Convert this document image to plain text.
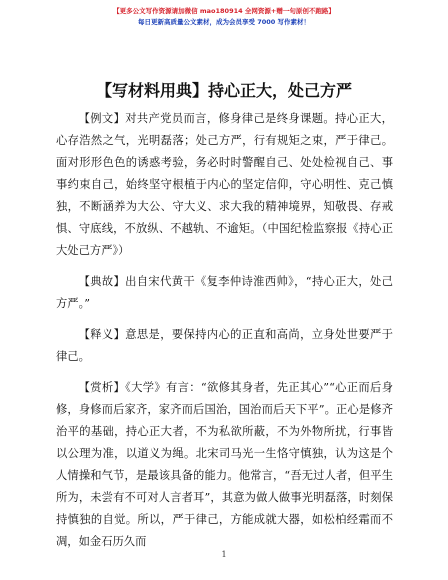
【更多公文写作资源请加微信 mao180914 全网资源+赠一句原创不跑路】
每日更新高质量公文素材，成为会员享受 7000 写作素材！
【写材料用典】持心正大，处己方严

【例文】对共产党员而言，修身律己是终身课题。持心正大，心存浩然之气，光明磊落；处己方严，行有规矩之束，严于律己。面对形形色色的诱惑考验，务必时时警醒自己、处处检视自己、事事约束自己，始终坚守根植于内心的坚定信仰，守心明性、克己慎独，不断涵养为大公、守大义、求大我的精神境界，知敬畏、存戒惧、守底线，不放纵、不越轨、不逾矩。（中国纪检监察报《持心正大处己方严》）

【典故】出自宋代黄干《复李仲诗淮西帅》，“持心正大，处己方严。”

【释义】意思是，要保持内心的正直和高尚，立身处世要严于律己。

【赏析】《大学》有言：“欲修其身者，先正其心”“心正而后身修，身修而后家齐，家齐而后国治，国治而后天下平”。正心是修齐治平的基础，持心正大者，不为私欲所蔽，不为外物所扰，行事皆以公理为准，以道义为绳。北宋司马光一生恪守慎独，认为这是个人情操和气节，是最该具备的能力。他常言，“吾无过人者，但平生所为，未尝有不可对人言者耳”，其意为做人做事光明磊落，时刻保持慎独的自觉。所以，严于律己，方能成就大器，如松柏经霜而不凋，如金石历久而

1
